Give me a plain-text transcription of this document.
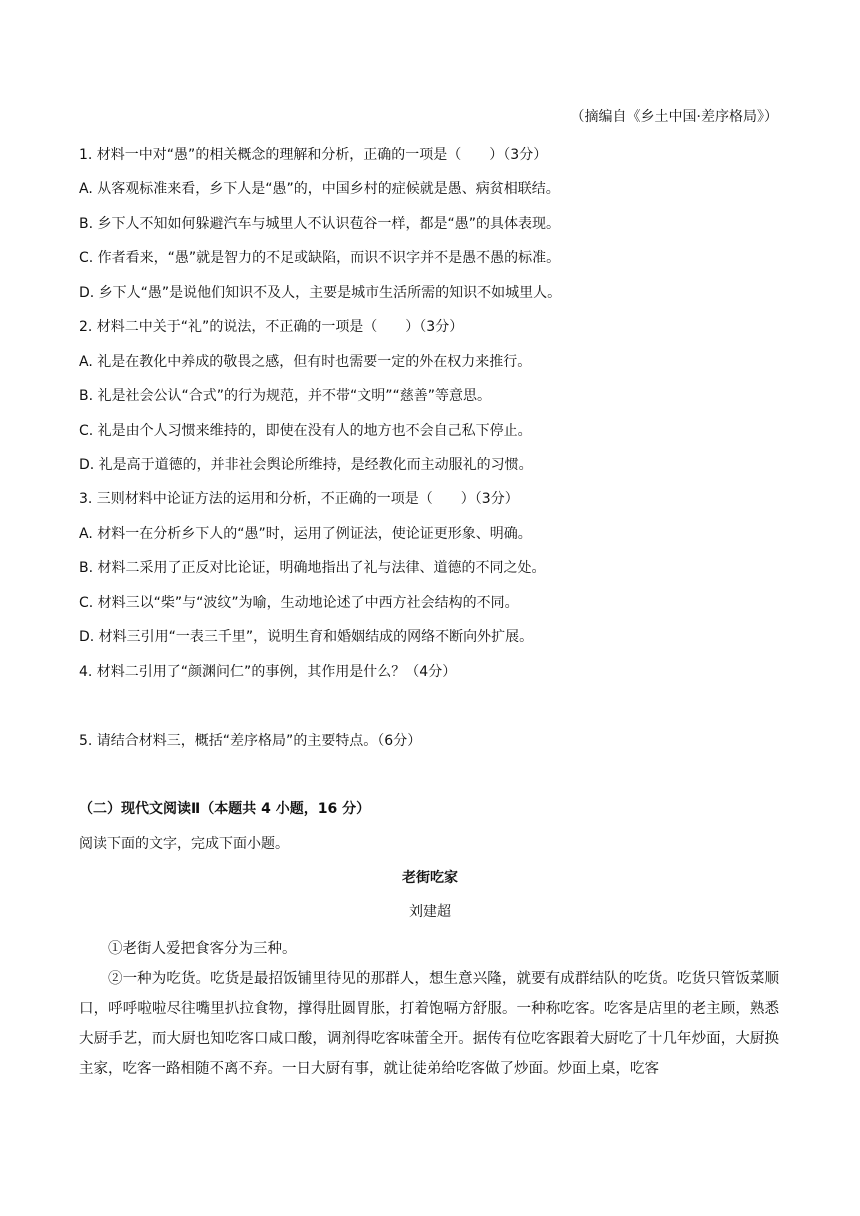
（摘编自《乡土中国·差序格局》）
1. 材料一中对“愚”的相关概念的理解和分析，正确的一项是（　　）（3分）
A. 从客观标准来看，乡下人是“愚”的，中国乡村的症候就是愚、病贫相联结。
B. 乡下人不知如何躲避汽车与城里人不认识苞谷一样，都是“愚”的具体表现。
C. 作者看来，“愚”就是智力的不足或缺陷，而识不识字并不是愚不愚的标准。
D. 乡下人“愚”是说他们知识不及人，主要是城市生活所需的知识不如城里人。
2. 材料二中关于“礼”的说法，不正确的一项是（　　）（3分）
A. 礼是在教化中养成的敬畏之感，但有时也需要一定的外在权力来推行。
B. 礼是社会公认“合式”的行为规范，并不带“文明”“慈善”等意思。
C. 礼是由个人习惯来维持的，即使在没有人的地方也不会自己私下停止。
D. 礼是高于道德的，并非社会舆论所维持，是经教化而主动服礼的习惯。
3. 三则材料中论证方法的运用和分析，不正确的一项是（　　）（3分）
A. 材料一在分析乡下人的“愚”时，运用了例证法，使论证更形象、明确。
B. 材料二采用了正反对比论证，明确地指出了礼与法律、道德的不同之处。
C. 材料三以“柴”与“波纹”为喻，生动地论述了中西方社会结构的不同。
D. 材料三引用“一表三千里”，说明生育和婚姻结成的网络不断向外扩展。
4. 材料二引用了“颜渊问仁”的事例，其作用是什么？（4分）
5. 请结合材料三，概括“差序格局”的主要特点。（6分）
（二）现代文阅读Ⅱ（本题共 4 小题，16 分）
阅读下面的文字，完成下面小题。
老街吃家
刘建超
①老街人爱把食客分为三种。
②一种为吃货。吃货是最招饭铺里待见的那群人，想生意兴隆，就要有成群结队的吃货。吃货只管饭菜顺口，呼呼啦啦尽往嘴里扒拉食物，撑得肚圆胃胀，打着饱嗝方舒服。一种称吃客。吃客是店里的老主顾，熟悉大厨手艺，而大厨也知吃客口咸口酸，调剂得吃客味蕾全开。据传有位吃客跟着大厨吃了十几年炒面，大厨换主家，吃客一路相随不离不弃。一日大厨有事，就让徒弟给吃客做了炒面。炒面上桌，吃客
